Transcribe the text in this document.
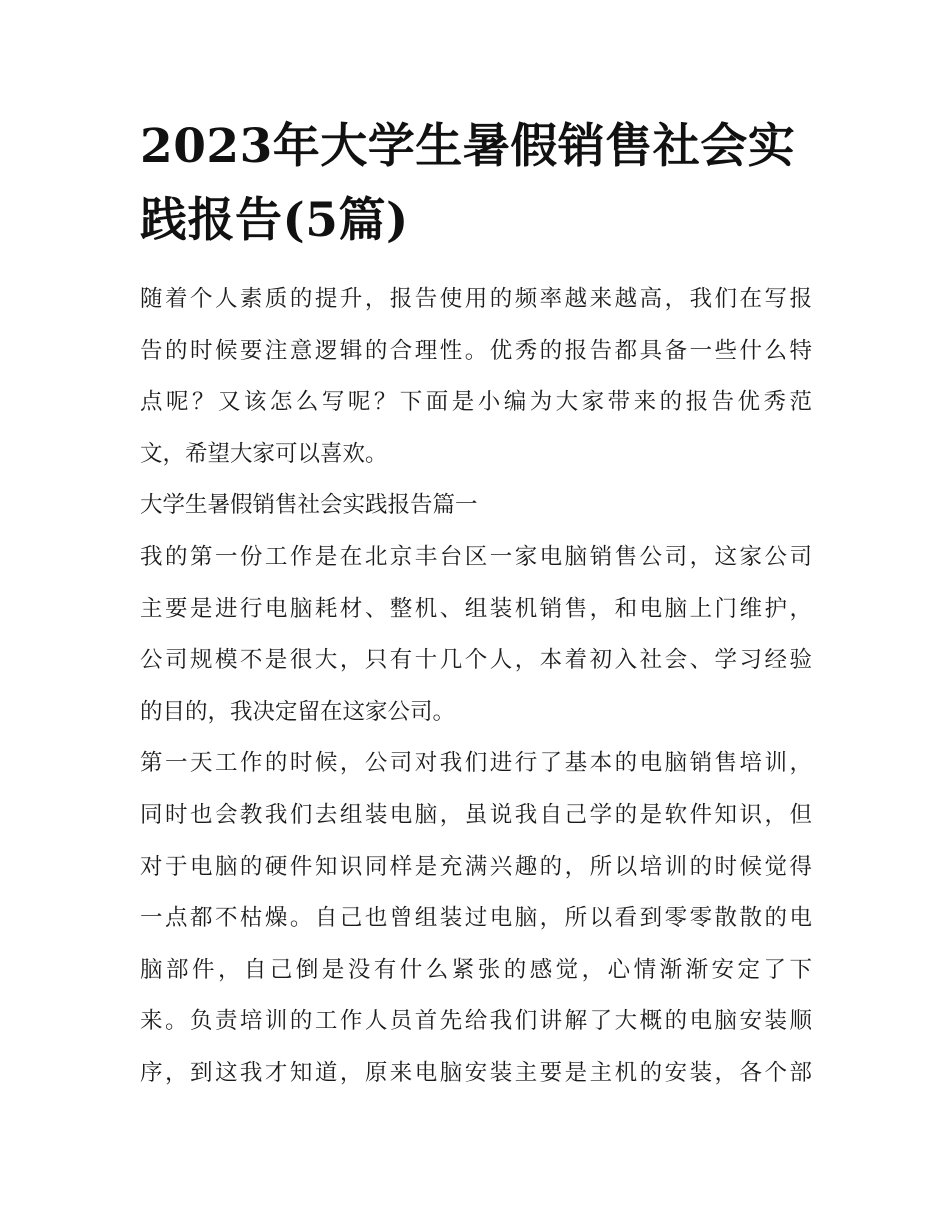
2023年大学生暑假销售社会实
践报告(5篇)
随着个人素质的提升，报告使用的频率越来越高，我们在写报
告的时候要注意逻辑的合理性。优秀的报告都具备一些什么特
点呢？又该怎么写呢？下面是小编为大家带来的报告优秀范
文，希望大家可以喜欢。
大学生暑假销售社会实践报告篇一
我的第一份工作是在北京丰台区一家电脑销售公司，这家公司
主要是进行电脑耗材、整机、组装机销售，和电脑上门维护，
公司规模不是很大，只有十几个人，本着初入社会、学习经验
的目的，我决定留在这家公司。
第一天工作的时候，公司对我们进行了基本的电脑销售培训，
同时也会教我们去组装电脑，虽说我自己学的是软件知识，但
对于电脑的硬件知识同样是充满兴趣的，所以培训的时候觉得
一点都不枯燥。自己也曾组装过电脑，所以看到零零散散的电
脑部件，自己倒是没有什么紧张的感觉，心情渐渐安定了下
来。负责培训的工作人员首先给我们讲解了大概的电脑安装顺
序，到这我才知道，原来电脑安装主要是主机的安装，各个部
